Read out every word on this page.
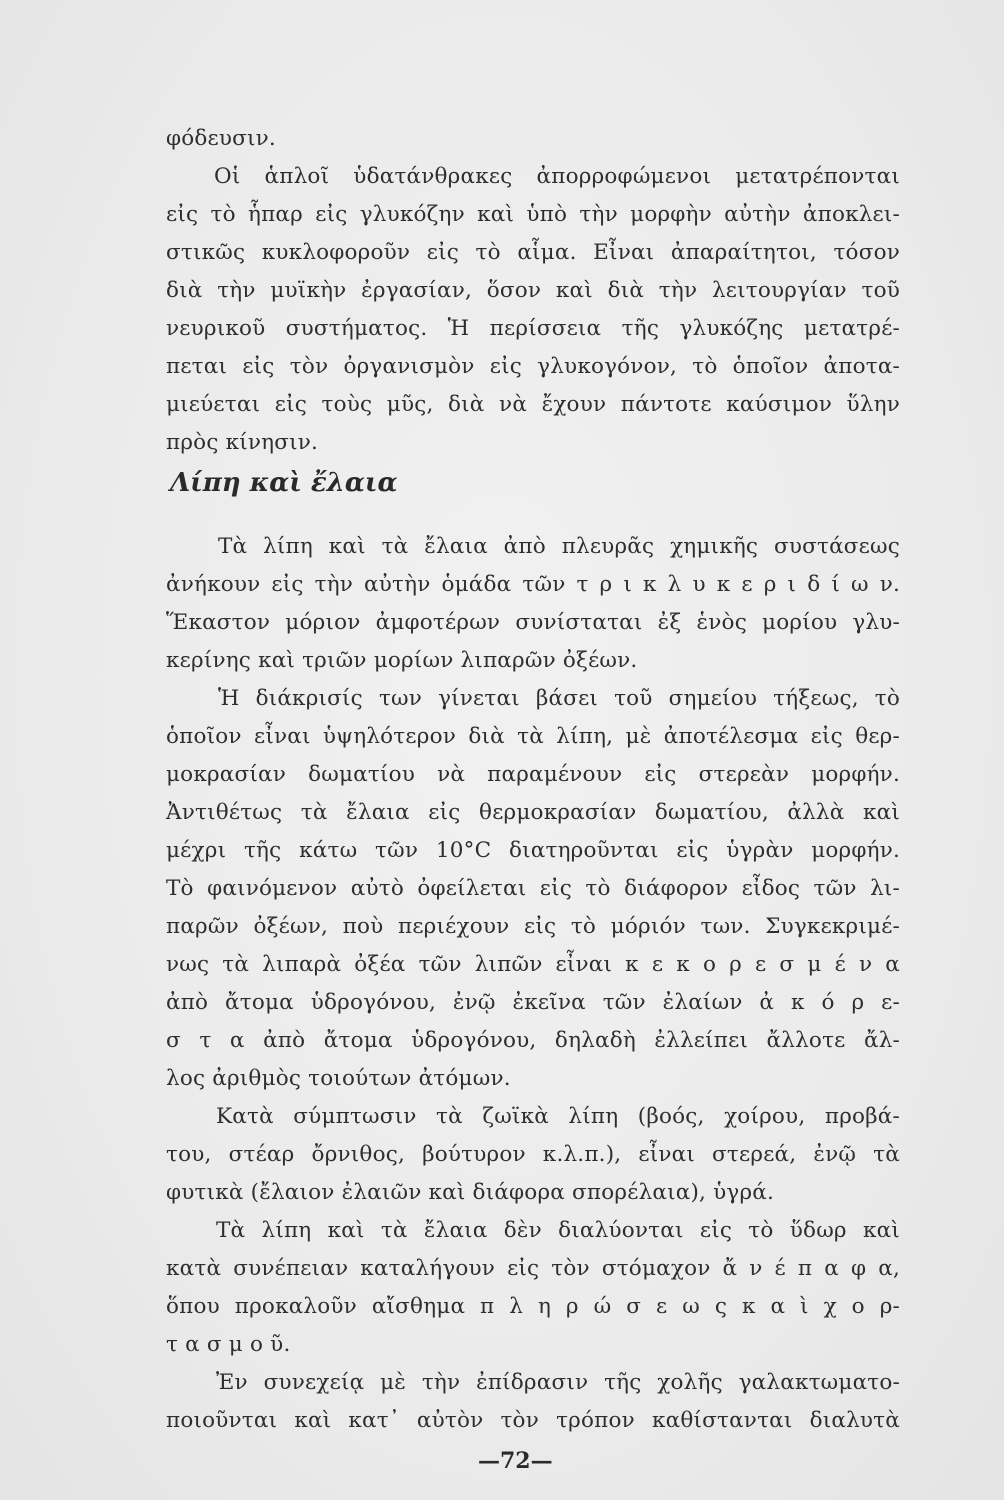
φόδευσιν.
Οἱ ἁπλοῖ ὑδατάνθρακες ἀπορροφώμενοι μετατρέπονται
εἰς τὸ ἧπαρ εἰς γλυκόζην καὶ ὑπὸ τὴν μορφὴν αὐτὴν ἀποκλει-
στικῶς κυκλοφοροῦν εἰς τὸ αἷμα. Εἶναι ἀπαραίτητοι, τόσον
διὰ τὴν μυϊκὴν ἐργασίαν, ὅσον καὶ διὰ τὴν λειτουργίαν τοῦ
νευρικοῦ συστήματος. Ἡ περίσσεια τῆς γλυκόζης μετατρέ-
πεται εἰς τὸν ὀργανισμὸν εἰς γλυκογόνον, τὸ ὁποῖον ἀποτα-
μιεύεται εἰς τοὺς μῦς, διὰ νὰ ἔχουν πάντοτε καύσιμον ὕλην
πρὸς κίνησιν.
Τὰ λίπη καὶ τὰ ἔλαια ἀπὸ πλευρᾶς χημικῆς συστάσεως
ἀνήκουν εἰς τὴν αὐτὴν ὁμάδα τῶν τ ρ ι κ λ υ κ ε ρ ι δ ί ω ν.
Ἕκαστον μόριον ἀμφοτέρων συνίσταται ἐξ ἑνὸς μορίου γλυ-
κερίνης καὶ τριῶν μορίων λιπαρῶν ὀξέων.
Ἡ διάκρισίς των γίνεται βάσει τοῦ σημείου τήξεως, τὸ
ὁποῖον εἶναι ὑψηλότερον διὰ τὰ λίπη, μὲ ἀποτέλεσμα εἰς θερ-
μοκρασίαν δωματίου νὰ παραμένουν εἰς στερεὰν μορφήν.
Ἀντιθέτως τὰ ἔλαια εἰς θερμοκρασίαν δωματίου, ἀλλὰ καὶ
μέχρι τῆς κάτω τῶν 10°C διατηροῦνται εἰς ὑγρὰν μορφήν.
Τὸ φαινόμενον αὐτὸ ὀφείλεται εἰς τὸ διάφορον εἶδος τῶν λι-
παρῶν ὀξέων, ποὺ περιέχουν εἰς τὸ μόριόν των. Συγκεκριμέ-
νως τὰ λιπαρὰ ὀξέα τῶν λιπῶν εἶναι κ ε κ ο ρ ε σ μ έ ν α
ἀπὸ ἄτομα ὑδρογόνου, ἐνῷ ἐκεῖνα τῶν ἐλαίων ἀ κ ό ρ ε-
σ τ α ἀπὸ ἄτομα ὑδρογόνου, δηλαδὴ ἐλλείπει ἄλλοτε ἄλ-
λος ἀριθμὸς τοιούτων ἀτόμων.
Κατὰ σύμπτωσιν τὰ ζωϊκὰ λίπη (βοός, χοίρου, προβά-
του, στέαρ ὄρνιθος, βούτυρον κ.λ.π.), εἶναι στερεά, ἐνῷ τὰ
φυτικὰ (ἔλαιον ἐλαιῶν καὶ διάφορα σπορέλαια), ὑγρά.
Τὰ λίπη καὶ τὰ ἔλαια δὲν διαλύονται εἰς τὸ ὕδωρ καὶ
κατὰ συνέπειαν καταλήγουν εἰς τὸν στόμαχον ἄ ν έ π α φ α,
ὅπου προκαλοῦν αἴσθημα π λ η ρ ώ σ ε ω ς κ α ὶ χ ο ρ-
τ α σ μ ο ῦ.
Ἐν συνεχείᾳ μὲ τὴν ἐπίδρασιν τῆς χολῆς γαλακτωματο-
ποιοῦνται καὶ κατ᾽ αὐτὸν τὸν τρόπον καθίστανται διαλυτὰ
Λίπη καὶ ἔλαια
—72—
